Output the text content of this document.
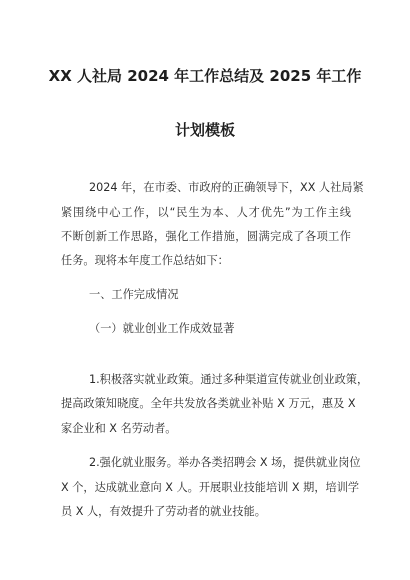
XX 人社局 2024 年工作总结及 2025 年工作
计划模板
2024 年，在市委、市政府的正确领导下，XX 人社局紧
紧围绕中心工作，以“民生为本、人才优先”为工作主线
不断创新工作思路，强化工作措施，圆满完成了各项工作
任务。现将本年度工作总结如下：
一、工作完成情况
（一）就业创业工作成效显著
1.积极落实就业政策。通过多种渠道宣传就业创业政策，
提高政策知晓度。全年共发放各类就业补贴 X 万元，惠及 X
家企业和 X 名劳动者。
2.强化就业服务。举办各类招聘会 X 场，提供就业岗位
X 个，达成就业意向 X 人。开展职业技能培训 X 期，培训学
员 X 人，有效提升了劳动者的就业技能。
